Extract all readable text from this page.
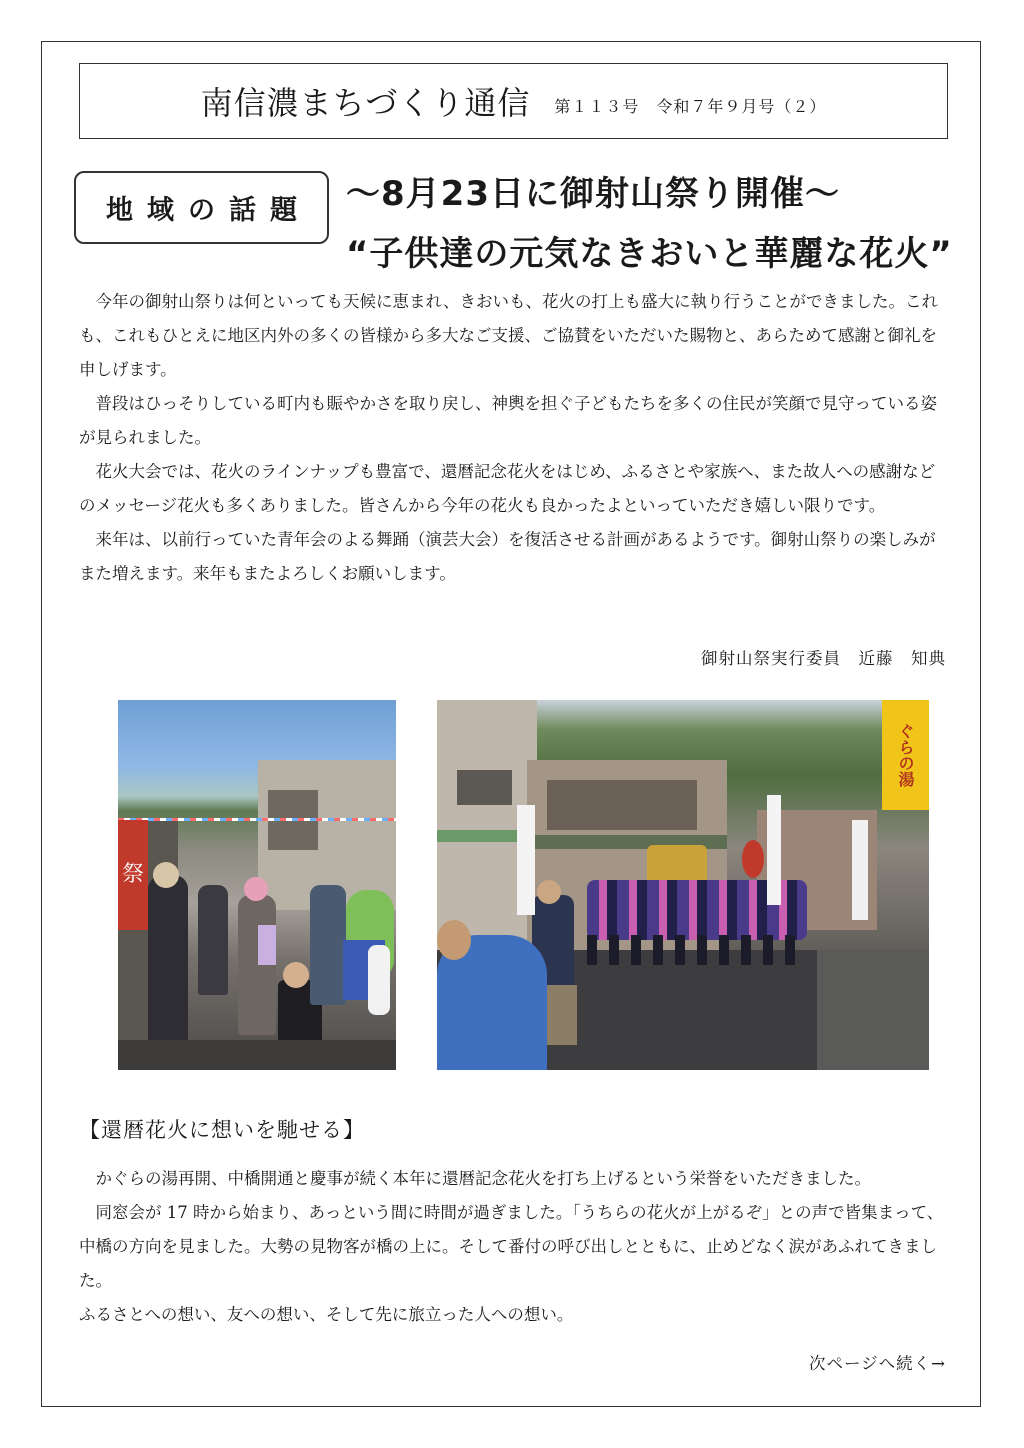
南信濃まちづくり通信 第１１３号　令和７年９月号（２）
地域の話題	～8月23日に御射山祭り開催～
“子供達の元気なきおいと華麗な花火”

今年の御射山祭りは何といっても天候に恵まれ、きおいも、花火の打上も盛大に執り行うことができました。これも、これもひとえに地区内外の多くの皆様から多大なご支援、ご協賛をいただいた賜物と、あらためて感謝と御礼を申しげます。

普段はひっそりしている町内も賑やかさを取り戻し、神輿を担ぐ子どもたちを多くの住民が笑顔で見守っている姿が見られました。

花火大会では、花火のラインナップも豊富で、還暦記念花火をはじめ、ふるさとや家族へ、また故人への感謝などのメッセージ花火も多くありました。皆さんから今年の花火も良かったよといっていただき嬉しい限りです。

来年は、以前行っていた青年会のよる舞踊（演芸大会）を復活させる計画があるようです。御射山祭りの楽しみがまた増えます。来年もまたよろしくお願いします。

御射山祭実行委員　近藤　知典
祭
ぐらの湯
【還暦花火に想いを馳せる】

かぐらの湯再開、中橋開通と慶事が続く本年に還暦記念花火を打ち上げるという栄誉をいただきました。

同窓会が 17 時から始まり、あっという間に時間が過ぎました。「うちらの花火が上がるぞ」との声で皆集まって、中橋の方向を見ました。大勢の見物客が橋の上に。そして番付の呼び出しとともに、止めどなく涙があふれてきました。

ふるさとへの想い、友への想い、そして先に旅立った人への想い。

次ページへ続く→
